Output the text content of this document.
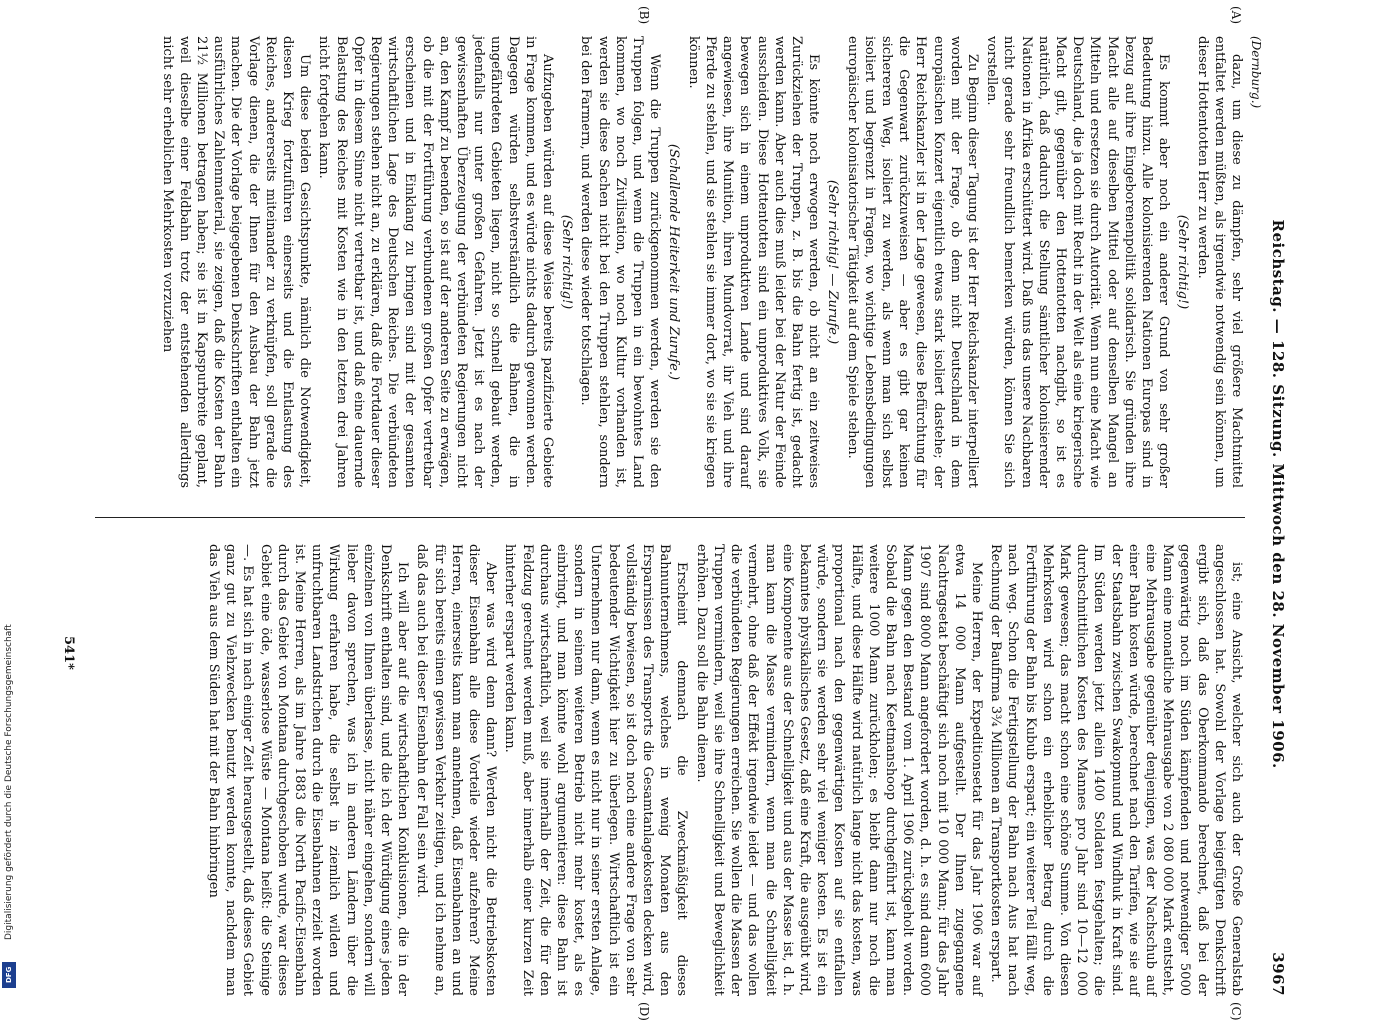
Digitalisierung gefördert durch die Deutsche Forschungsgemeinschaft
DFG
Reichstag. — 128. Sitzung. Mittwoch den 28. November 1906.
3967
(Dernburg.)
(A)
(B)
(C)
(D)

dazu, um diese zu dämpfen, sehr viel größere Machtmittel entfaltet werden müßten, als irgendwie notwendig sein können, um dieser Hottentotten Herr zu werden.

(Sehr richtig!)

Es kommt aber noch ein anderer Grund von sehr großer Bedeutung hinzu. Alle kolonisierenden Nationen Europas sind in bezug auf ihre Eingeborenenpolitik solidarisch. Sie gründen ihre Macht alle auf dieselben Mittel oder auf denselben Mangel an Mitteln und ersetzen sie durch Autorität. Wenn nun eine Macht wie Deutschland, die ja doch mit Recht in der Welt als eine kriegerische Macht gilt, gegenüber den Hottentotten nachgibt, so ist es natürlich, daß dadurch die Stellung sämtlicher kolonisierender Nationen in Afrika erschüttert wird. Daß uns das unsere Nachbaren nicht gerade sehr freundlich bemerken würden, können Sie sich vorstellen.

Zu Beginn dieser Tagung ist der Herr Reichskanzler interpelliert worden mit der Frage, ob denn nicht Deutschland in dem europäischen Konzert eigentlich etwas stark isoliert dastehe; der Herr Reichskanzler ist in der Lage gewesen, diese Befürchtung für die Gegenwart zurückzuweisen — aber es gibt gar keinen sichereren Weg, isoliert zu werden, als wenn man sich selbst isoliert und begrenzt in Fragen, wo wichtige Lebensbedingungen europäischer kolonisatorischer Tätigkeit auf dem Spiele stehen.

(Sehr richtig! — Zurufe.)

Es könnte noch erwogen werden, ob nicht an ein zeitweises Zurückziehen der Truppen, z. B. bis die Bahn fertig ist, gedacht werden kann. Aber auch dies muß leider bei der Natur der Feinde ausscheiden. Diese Hottentotten sind ein unproduktives Volk, sie bewegen sich in einem unproduktiven Lande und sind darauf angewiesen, ihre Munition, ihren Mundvorrat, ihr Vieh und ihre Pferde zu stehlen, und sie stehlen sie immer dort, wo sie sie kriegen können.

(Schallende Heiterkeit und Zurufe.)

Wenn die Truppen zurückgenommen werden, werden sie den Truppen folgen, und wenn die Truppen in ein bewohntes Land kommen, wo noch Zivilisation, wo noch Kultur vorhanden ist, werden sie diese Sachen nicht bei den Truppen stehlen, sondern bei den Farmern, und werden diese wieder totschlagen.

(Sehr richtig!)

Aufzugeben würden auf diese Weise bereits pazifizierte Gebiete in Frage kommen, und es würde nichts dadurch gewonnen werden. Dagegen würden selbstverständlich die Bahnen, die in ungefährdeten Gebieten liegen, nicht so schnell gebaut werden, jedenfalls nur unter großen Gefahren. Jetzt ist es nach der gewissenhaften Überzeugung der verbündeten Regierungen nicht an, den Kampf zu beenden, so ist auf der anderen Seite zu erwägen, ob die mit der Fortführung verbundenen großen Opfer vertretbar erscheinen und in Einklang zu bringen sind mit der gesamten wirtschaftlichen Lage des Deutschen Reiches. Die verbündeten Regierungen stehen nicht an, zu erklären, daß die Fortdauer dieser Opfer in diesem Sinne nicht vertretbar ist, und daß eine dauernde Belastung des Reiches mit Kosten wie in den letzten drei Jahren nicht fortgehen kann.

Um diese beiden Gesichtspunkte, nämlich die Notwendigkeit, diesen Krieg fortzuführen einerseits und die Entlastung des Reiches, andererseits miteinander zu verknüpfen, soll gerade die Vorlage dienen, die der Ihnen für den Ausbau der Bahn jetzt machen. Die der Vorlage beigegebenen Denkschriften enthalten ein ausführliches Zahlenmaterial, sie zeigen, daß die Kosten der Bahn 21½ Millionen betragen haben; sie ist in Kapspurbreite geplant, weil dieselbe einer Feldbahn trotz der entstehenden allerdings nicht sehr erheblichen Mehrkosten vorzuziehen

ist; eine Ansicht, welcher sich auch der Große Generalstab angeschlossen hat. Sowohl der Vorlage beigefügten Denkschrift ergibt sich, daß das Oberkommando berechnet, daß bei der gegenwärtig noch im Süden kämpfenden und notwendiger 5000 Mann eine monatliche Mehrausgabe von 2 080 000 Mark entsteht, eine Mehrausgabe gegenüber denjenigen, was der Nachschub auf einer Bahn kosten würde, berechnet nach den Tarifen, wie sie auf der Staatsbahn zwischen Swakopmund und Windhuk in Kraft sind. Im Süden werden jetzt allein 1400 Soldaten festgehalten; die durchschnittlichen Kosten des Mannes pro Jahr sind 10—12 000 Mark gewesen; das macht schon eine schöne Summe. Von diesen Mehrkosten wird schon ein erheblicher Betrag durch die Fortführung der Bahn bis Kubub erspart; ein weiterer Teil fällt weg, nach weg. Schon die Fertigstellung der Bahn nach Aus hat nach Rechnung der Baufirma 3¾ Millionen an Transportkosten erspart.

Meine Herren, der Expeditionsetat für das Jahr 1906 war auf etwa 14 000 Mann aufgestellt. Der Ihnen zugegangene Nachtragsetat beschäftigt sich noch mit 10 000 Mann; für das Jahr 1907 sind 8000 Mann angefordert worden, d. h. es sind dann 6000 Mann gegen den Bestand vom 1. April 1906 zurückgeholt worden. Sobald die Bahn nach Keetmanshoop durchgeführt ist, kann man weitere 1000 Mann zurückholen; es bleibt dann nur noch die Hälfte, und diese Hälfte wird natürlich lange nicht das kosten, was proportional nach den gegenwärtigen Kosten auf sie entfallen würde, sondern sie werden sehr viel weniger kosten. Es ist ein bekanntes physikalisches Gesetz, daß eine Kraft, die ausgeübt wird, eine Komponente aus der Schnelligkeit und aus der Masse ist, d. h. man kann die Masse vermindern, wenn man die Schnelligkeit vermehrt, ohne daß der Effekt irgendwie leidet — und das wollen die verbündeten Regierungen erreichen. Sie wollen die Massen der Truppen vermindern, weil sie ihre Schnelligkeit und Beweglichkeit erhöhen. Dazu soll die Bahn dienen.

Erscheint demnach die Zweckmäßigkeit dieses Bahnunternehmens, welches in wenig Monaten aus den Ersparnissen des Transports die Gesamtanlagekosten decken wird, vollständig bewiesen, so ist doch noch eine andere Frage von sehr bedeutender Wichtigkeit hier zu überlegen. Wirtschaftlich ist ein Unternehmen nur dann, wenn es nicht nur in seiner ersten Anlage, sondern in seinem weiteren Betrieb nicht mehr kostet, als es einbringt, und man könnte wohl argumentieren: diese Bahn ist durchaus wirtschaftlich, weil sie innerhalb der Zeit, die für den Feldzug gerechnet werden muß, aber innerhalb einer kurzen Zeit hinterher erspart werden kann.

Aber was wird denn dann? Werden nicht die Betriebskosten dieser Eisenbahn alle diese Vorteile wieder aufzehren? Meine Herren, einerseits kann man annehmen, daß Eisenbahnen an und für sich bereits einen gewissen Verkehr zeitigen, und ich nehme an, daß das auch bei dieser Eisenbahn der Fall sein wird.

Ich will aber auf die wirtschaftlichen Konklusionen, die in der Denkschrift enthalten sind, und die ich der Würdigung eines jeden einzelnen von Ihnen überlasse, nicht näher eingehen, sondern will lieber davon sprechen, was ich in anderen Ländern über die Wirkung erfahren habe, die selbst in ziemlich wilden und unfruchtbaren Landstrichen durch die Eisenbahnen erzielt worden ist. Meine Herren, als im Jahre 1883 die North Pacific-Eisenbahn durch das Gebiet von Montana durchgeschoben wurde, war dieses Gebiet eine öde, wasserlose Wüste — Montana heißt: die Steinige —. Es hat sich in nach einiger Zeit herausgestellt, daß dieses Gebiet ganz gut zu Viehzwecken benutzt werden konnte, nachdem man das Vieh aus dem Süden hat mit der Bahn hinbringen

541*
